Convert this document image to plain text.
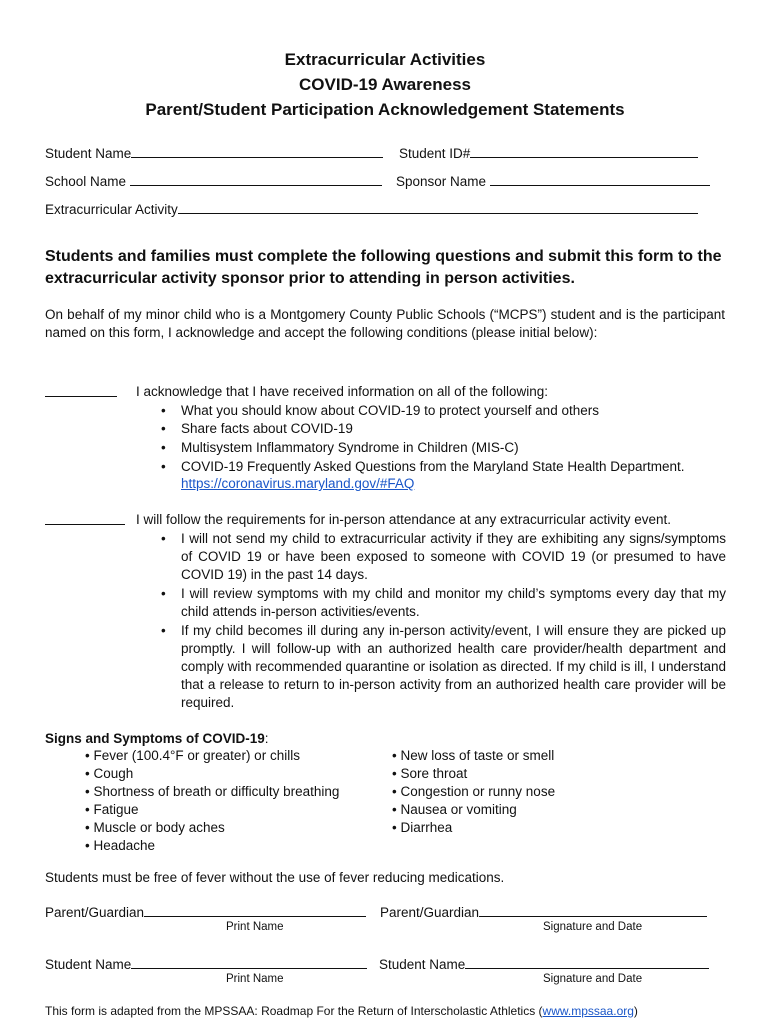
Extracurricular Activities
COVID-19 Awareness
Parent/Student Participation Acknowledgement Statements
Student Name	Student ID#
School Name	Sponsor Name
Extracurricular Activity
Students and families must complete the following questions and submit this form to the extracurricular activity sponsor prior to attending in person activities.
On behalf of my minor child who is a Montgomery County Public Schools (“MCPS”) student and is the participant named on this form, I acknowledge and accept the following conditions (please initial below):
I acknowledge that I have received information on all of the following:
• What you should know about COVID-19 to protect yourself and others
• Share facts about COVID-19
• Multisystem Inflammatory Syndrome in Children (MIS-C)
• COVID-19 Frequently Asked Questions from the Maryland State Health Department.
https://coronavirus.maryland.gov/#FAQ
I will follow the requirements for in-person attendance at any extracurricular activity event.
• I will not send my child to extracurricular activity if they are exhibiting any signs/symptoms of COVID 19 or have been exposed to someone with COVID 19 (or presumed to have COVID 19) in the past 14 days.
• I will review symptoms with my child and monitor my child’s symptoms every day that my child attends in-person activities/events.
• If my child becomes ill during any in-person activity/event, I will ensure they are picked up promptly. I will follow-up with an authorized health care provider/health department and comply with recommended quarantine or isolation as directed. If my child is ill, I understand that a release to return to in-person activity from an authorized health care provider will be required.
Signs and Symptoms of COVID-19:
• Fever (100.4°F or greater) or chills
• Cough
• Shortness of breath or difficulty breathing
• Fatigue
• Muscle or body aches
• Headache
• New loss of taste or smell
• Sore throat
• Congestion or runny nose
• Nausea or vomiting
• Diarrhea
Students must be free of fever without the use of fever reducing medications.
Parent/Guardian	Parent/Guardian
Print Name	Signature and Date
Student Name	Student Name
Print Name	Signature and Date
This form is adapted from the MPSSAA: Roadmap For the Return of Interscholastic Athletics (www.mpssaa.org)
